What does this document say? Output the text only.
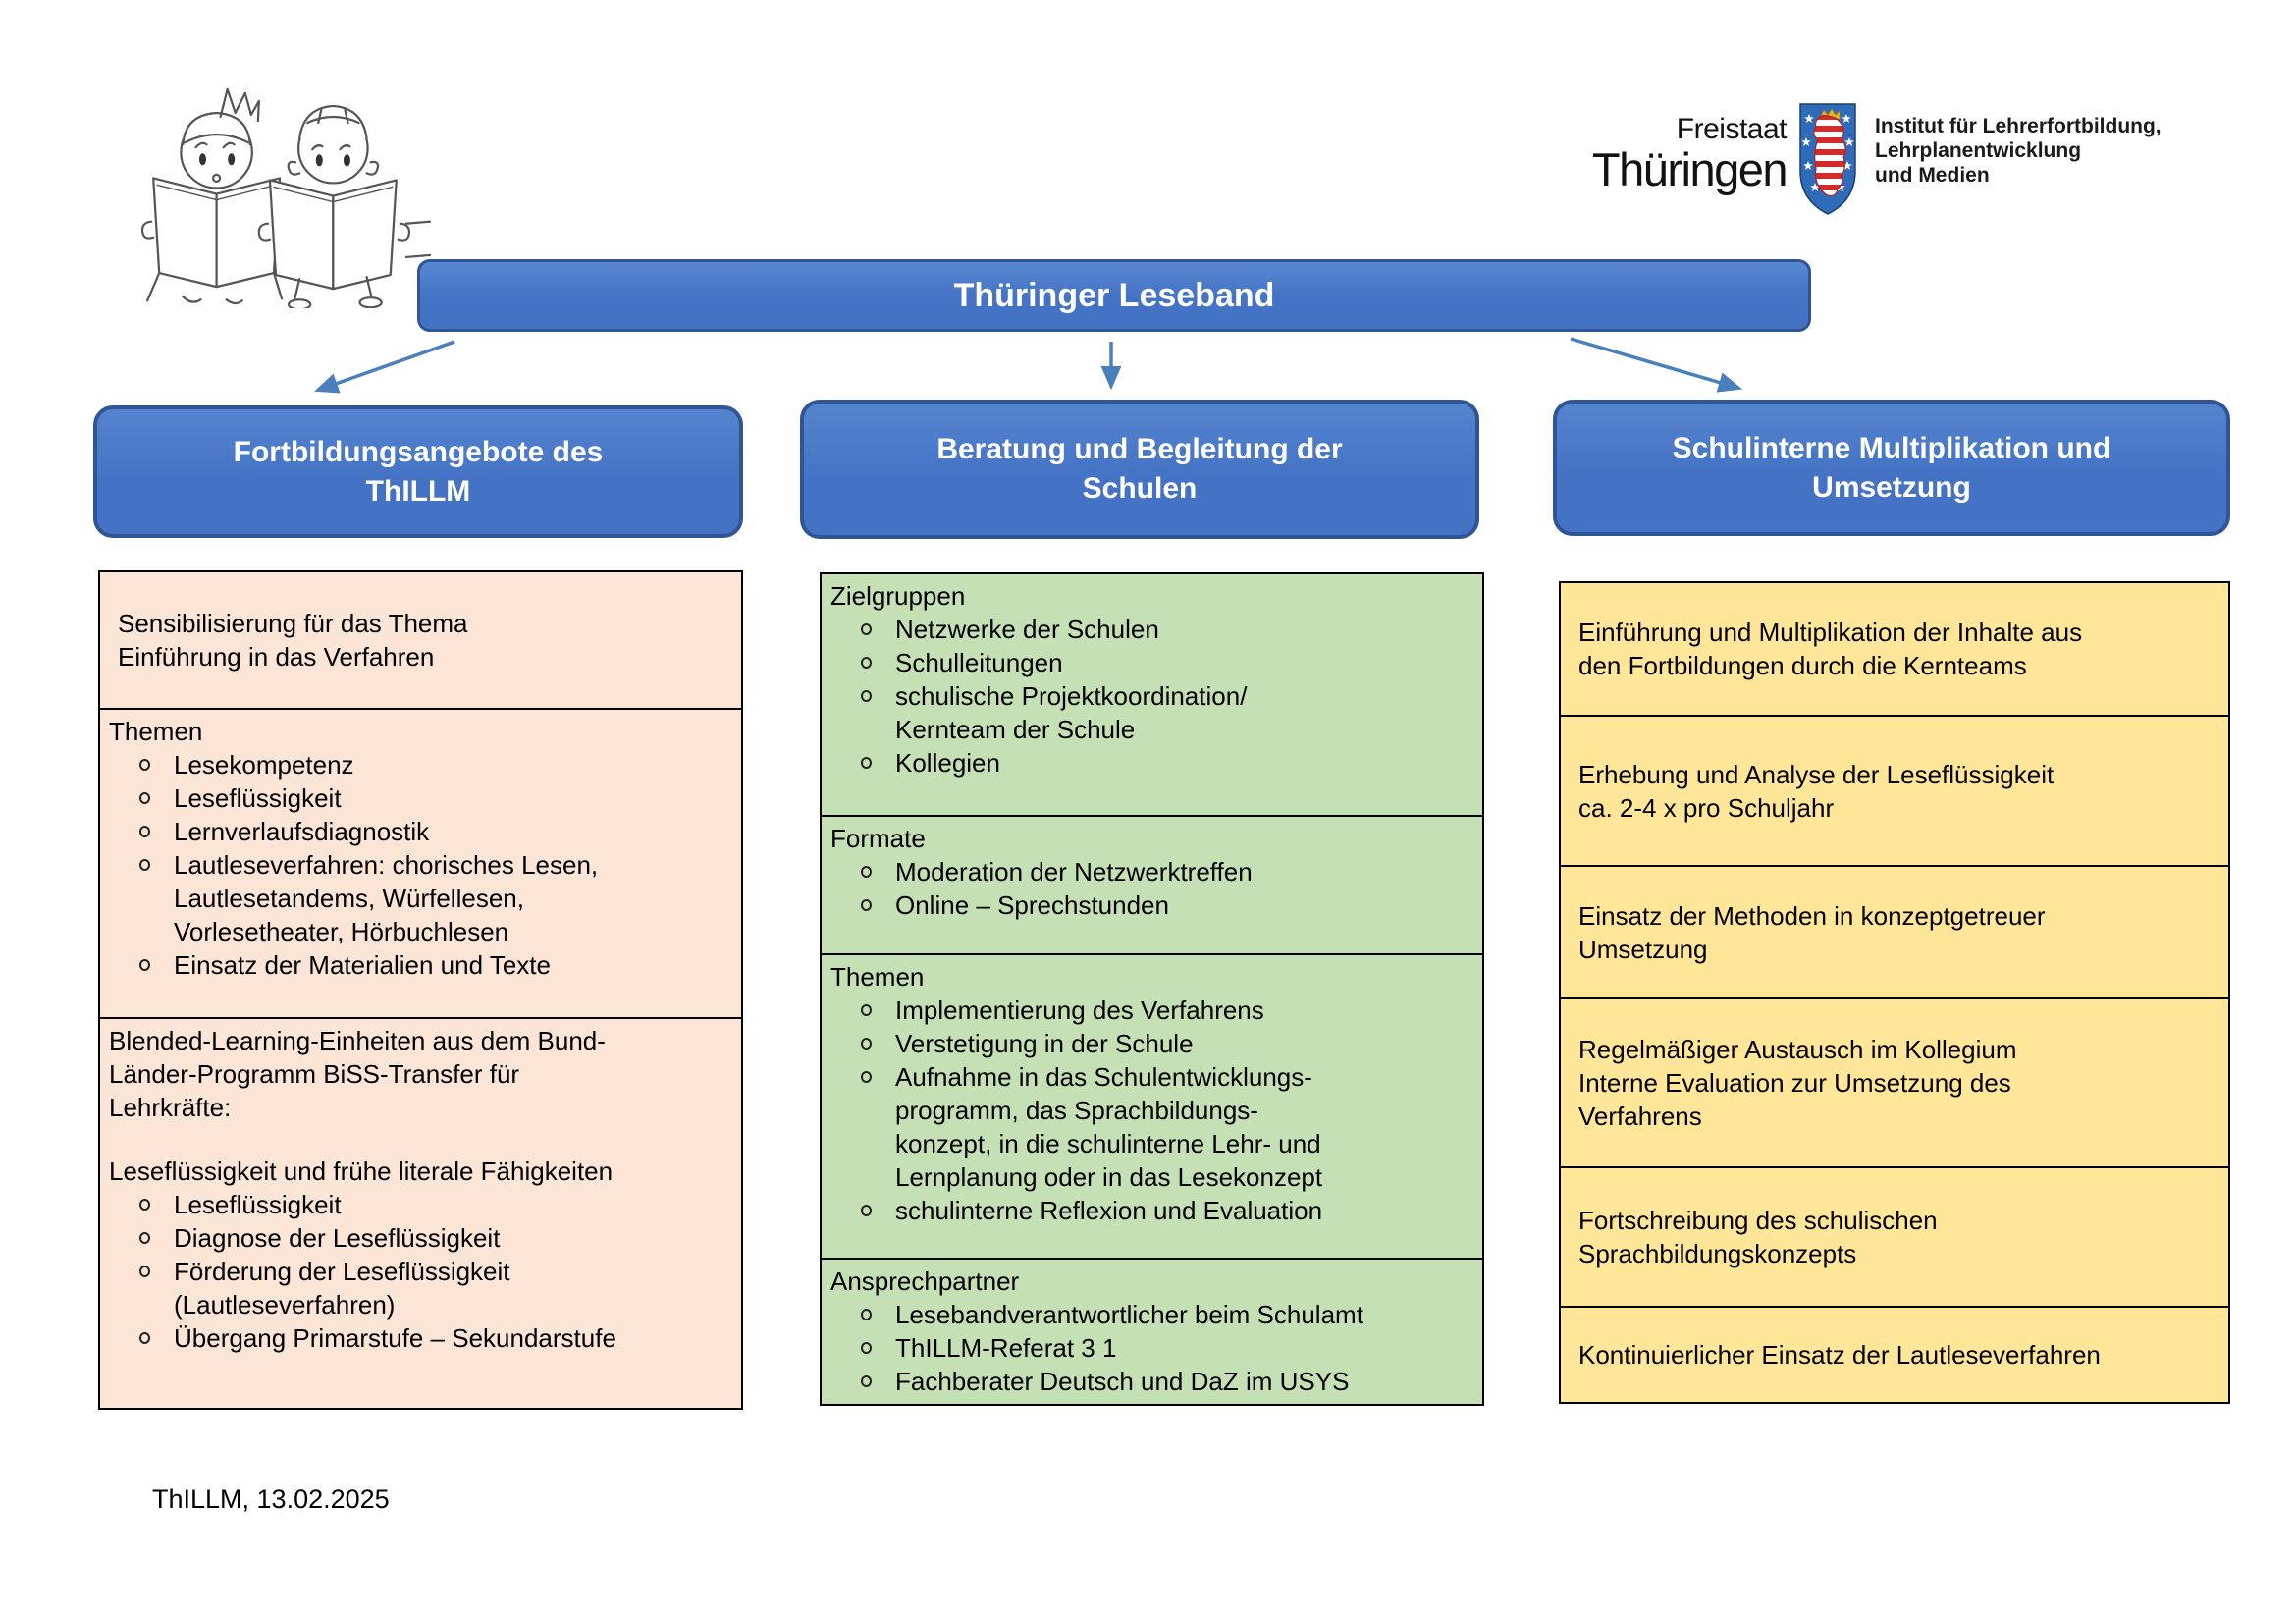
Freistaat
Thüringen
Institut für Lehrerfortbildung,
Lehrplanentwicklung
und Medien
Thüringer Leseband
Fortbildungsangebote des
ThILLM
Beratung und Begleitung der
Schulen
Schulinterne Multiplikation und
Umsetzung
Sensibilisierung für das Thema
Einführung in das Verfahren
Themen
Lesekompetenz
Leseflüssigkeit
Lernverlaufsdiagnostik
Lautleseverfahren: chorisches Lesen,
Lautlesetandems, Würfellesen,
Vorlesetheater, Hörbuchlesen
Einsatz der Materialien und Texte
Blended-Learning-Einheiten aus dem Bund-
Länder-Programm BiSS-Transfer für
Lehrkräfte:
Leseflüssigkeit und frühe literale Fähigkeiten
Leseflüssigkeit
Diagnose der Leseflüssigkeit
Förderung der Leseflüssigkeit
(Lautleseverfahren)
Übergang Primarstufe – Sekundarstufe
Zielgruppen
Netzwerke der Schulen
Schulleitungen
schulische Projektkoordination/
Kernteam der Schule
Kollegien
Formate
Moderation der Netzwerktreffen
Online – Sprechstunden
Themen
Implementierung des Verfahrens
Verstetigung in der Schule
Aufnahme in das Schulentwicklungs-
programm, das Sprachbildungs-
konzept, in die schulinterne Lehr- und
Lernplanung oder in das Lesekonzept
schulinterne Reflexion und Evaluation
Ansprechpartner
Lesebandverantwortlicher beim Schulamt
ThILLM-Referat 3 1
Fachberater Deutsch und DaZ im USYS
Einführung und Multiplikation der Inhalte aus
den Fortbildungen durch die Kernteams
Erhebung und Analyse der Leseflüssigkeit
ca. 2-4 x pro Schuljahr
Einsatz der Methoden in konzeptgetreuer
Umsetzung
Regelmäßiger Austausch im Kollegium
Interne Evaluation zur Umsetzung des
Verfahrens
Fortschreibung des schulischen
Sprachbildungskonzepts
Kontinuierlicher Einsatz der Lautleseverfahren
ThILLM, 13.02.2025
